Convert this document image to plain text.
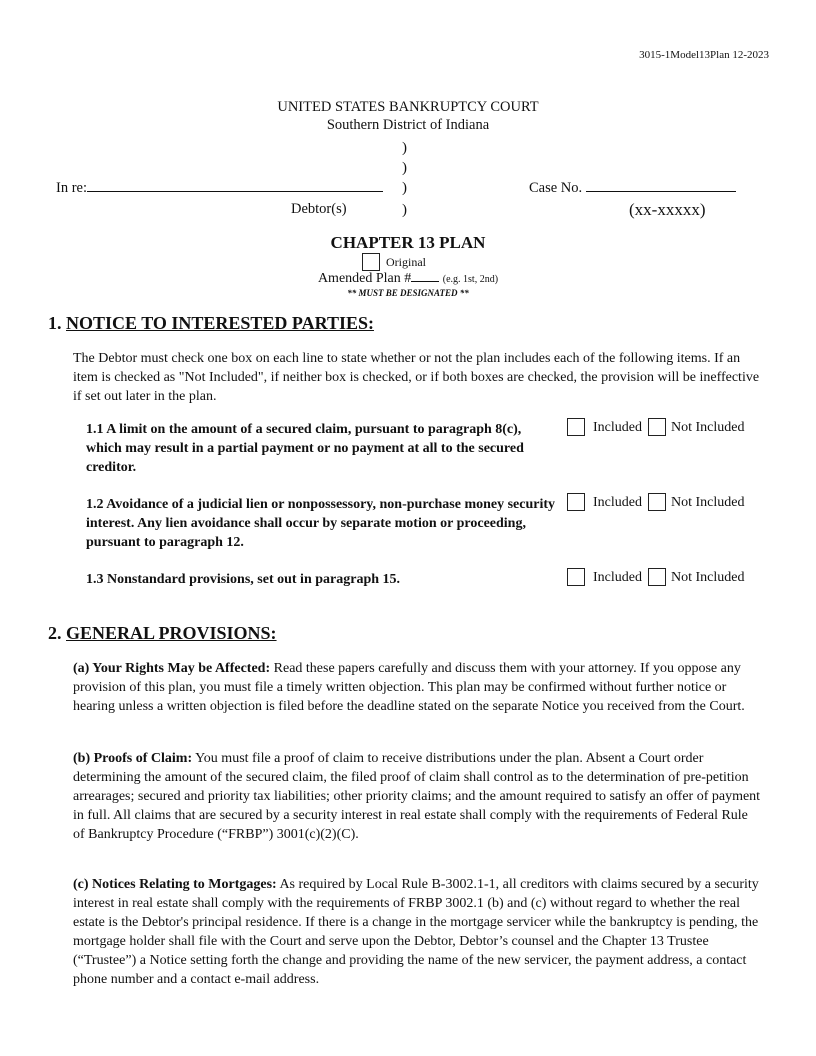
3015-1Model13Plan 12-2023
UNITED STATES BANKRUPTCY COURT
Southern District of Indiana
)
)
)
)
In re:
Debtor(s)
Case No.
(xx-xxxxx)
CHAPTER 13 PLAN
Original
Amended Plan #	(e.g. 1st, 2nd)
** MUST BE DESIGNATED **
1. NOTICE TO INTERESTED PARTIES:
The Debtor must check one box on each line to state whether or not the plan includes each of the following items. If an item is checked as "Not Included", if neither box is checked, or if both boxes are checked, the provision will be ineffective if set out later in the plan.
1.1 A limit on the amount of a secured claim, pursuant to paragraph 8(c), which may result in a partial payment or no payment at all to the secured creditor.
Included Not Included
1.2 Avoidance of a judicial lien or nonpossessory, non-purchase money security interest. Any lien avoidance shall occur by separate motion or proceeding, pursuant to paragraph 12.
Included Not Included
1.3 Nonstandard provisions, set out in paragraph 15.	Included Not Included
2. GENERAL PROVISIONS:
(a) Your Rights May be Affected: Read these papers carefully and discuss them with your attorney. If you oppose any provision of this plan, you must file a timely written objection. This plan may be confirmed without further notice or hearing unless a written objection is filed before the deadline stated on the separate Notice you received from the Court.
(b) Proofs of Claim: You must file a proof of claim to receive distributions under the plan. Absent a Court order determining the amount of the secured claim, the filed proof of claim shall control as to the determination of pre-petition arrearages; secured and priority tax liabilities; other priority claims; and the amount required to satisfy an offer of payment in full. All claims that are secured by a security interest in real estate shall comply with the requirements of Federal Rule of Bankruptcy Procedure (“FRBP”) 3001(c)(2)(C).
(c) Notices Relating to Mortgages: As required by Local Rule B-3002.1-1, all creditors with claims secured by a security interest in real estate shall comply with the requirements of FRBP 3002.1 (b) and (c) without regard to whether the real estate is the Debtor's principal residence. If there is a change in the mortgage servicer while the bankruptcy is pending, the mortgage holder shall file with the Court and serve upon the Debtor, Debtor’s counsel and the Chapter 13 Trustee (“Trustee”) a Notice setting forth the change and providing the name of the new servicer, the payment address, a contact phone number and a contact e-mail address.
